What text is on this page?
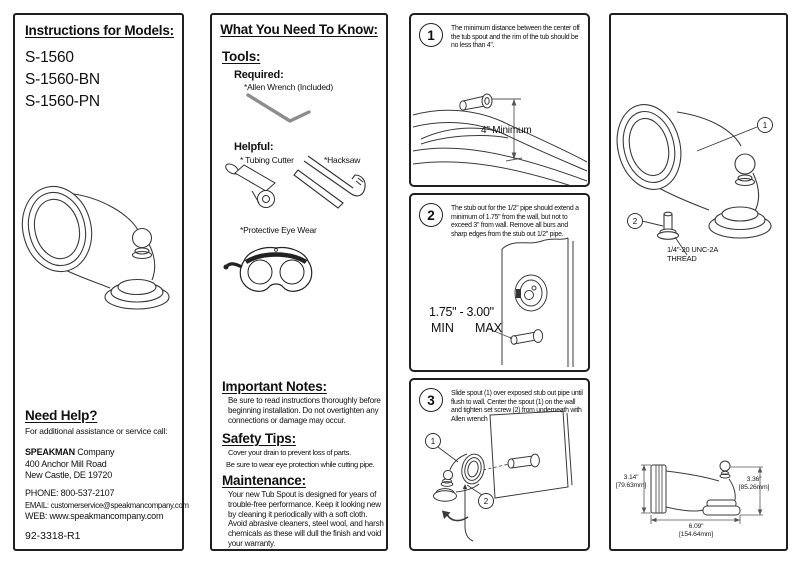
Instructions for Models:
S-1560
S-1560-BN
S-1560-PN
Need Help?
For additional assistance or service call:
SPEAKMAN Company
400 Anchor Mill Road
New Castle, DE 19720
PHONE: 800-537-2107
EMAIL: customerservice@speakmancompany.com
WEB: www.speakmancompany.com
92-3318-R1
What You Need To Know:
Tools:
Required:
*Allen Wrench (Included)
Helpful:
* Tubing Cutter	*Hacksaw
*Protective Eye Wear
Important Notes:
Be sure to read instructions thoroughly before beginning installation. Do not overtighten any connections or damage may occur.
Safety Tips:
Cover your drain to prevent loss of parts.
Be sure to wear eye protection while cutting pipe.
Maintenance:
Your new Tub Spout is designed for years of trouble-free performance. Keep it looking new by cleaning it periodically with a soft cloth. Avoid abrasive cleaners, steel wool, and harsh chemicals as these will dull the finish and void your warranty.
1	The minimum distance between the center off the tub spout and the rim of the tub should be no less than 4".
4" Minimum
2	The stub out for the 1/2" pipe should extend a minimum of 1.75" from the wall, but not to exceed 3" from wall. Remove all burs and sharp edges from the stub out 1/2" pipe.
1.75" - 3.00"
MIN MAX
3	Slide spout (1) over exposed stub out pipe until flush to wall. Center the spout (1) on the wall and tighten set screw (2) from underneath with Allen wrench
1
2
1
2
1/4"-20 UNC-2A
THREAD
3.14"
[79.63mm]
3.36"
[85.26mm]
6.09"
[154.64mm]
